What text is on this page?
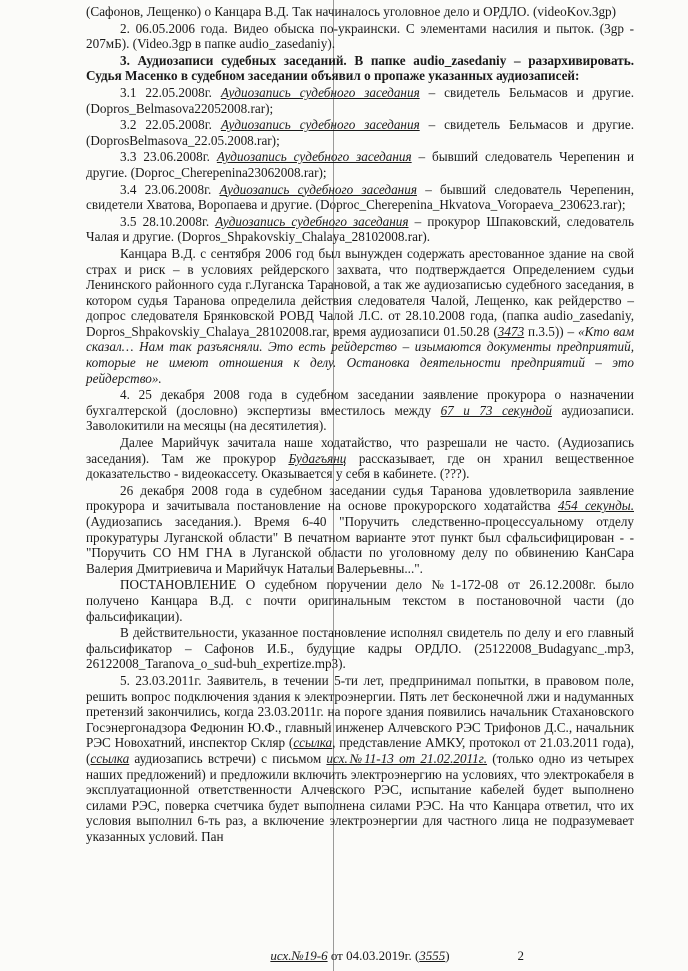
(Сафонов, Лещенко) о Канцара В.Д. Так начиналось уголовное дело и ОРДЛО. (videoKov.3gp)

2. 06.05.2006 года. Видео обыска по-украински. С элементами насилия и пыток. (3gp - 207мБ). (Video.3gp в папке audio_zasedaniy).

3. Аудиозаписи судебных заседаний. В папке audio_zasedaniy – разархивировать. Судья Масенко в судебном заседании объявил о пропаже указанных аудиозаписей:

3.1 22.05.2008г. Аудиозапись судебного заседания – свидетель Бельмасов и другие. (Dopros_Belmasova22052008.rar);

3.2 22.05.2008г. Аудиозапись судебного заседания – свидетель Бельмасов и другие. (DoprosBelmasova_22.05.2008.rar);

3.3 23.06.2008г. Аудиозапись судебного заседания – бывший следователь Черепенин и другие. (Doproc_Cherepenina23062008.rar);

3.4 23.06.2008г. Аудиозапись судебного заседания – бывший следователь Черепенин, свидетели Хватова, Воропаева и другие. (Doproc_Cherepenina_Hkvatova_Voropaeva_230623.rar);

3.5 28.10.2008г. Аудиозапись судебного заседания – прокурор Шпаковский, следователь Чалая и другие. (Dopros_Shpakovskiy_Chalaya_28102008.rar).

Канцара В.Д. с сентября 2006 год был вынужден содержать арестованное здание на свой страх и риск – в условиях рейдерского захвата, что подтверждается Определением судьи Ленинского районного суда г.Луганска Тарановой, а так же аудиозаписью судебного заседания, в котором судья Таранова определила действия следователя Чалой, Лещенко, как рейдерство – допрос следователя Брянковской РОВД Чалой Л.С. от 28.10.2008 года, (папка audio_zasedaniy, Dopros_Shpakovskiy_Chalaya_28102008.rar, время аудиозаписи 01.50.28 (3473 п.3.5)) – «Кто вам сказал… Нам так разъясняли. Это есть рейдерство – изымаются документы предприятий, которые не имеют отношения к делу. Остановка деятельности предприятий – это рейдерство».

4. 25 декабря 2008 года в судебном заседании заявление прокурора о назначении бухгалтерской (дословно) экспертизы вместилось между 67 и 73 секундой аудиозаписи. Заволокитили на месяцы (на десятилетия).

Далее Марийчук зачитала наше ходатайство, что разрешали не часто. (Аудиозапись заседания). Там же прокурор Будагъянц рассказывает, где он хранил вещественное доказательство - видеокассету. Оказывается у себя в кабинете. (???).

26 декабря 2008 года в судебном заседании судья Таранова удовлетворила заявление прокурора и зачитывала постановление на основе прокурорского ходатайства 454 секунды. (Аудиозапись заседания.). Время 6-40 "Поручить следственно-процессуальному отделу прокуратуры Луганской области" В печатном варианте этот пункт был сфальсифицирован - - "Поручить СО НМ ГНА в Луганской области по уголовному делу по обвинению КанСара Валерия Дмитриевича и Марийчук Натальи Валерьевны...".

ПОСТАНОВЛЕНИЕ О судебном поручении дело №1-172-08 от 26.12.2008г. было получено Канцара В.Д. с почти оригинальным текстом в постановочной части (до фальсификации).

В действительности, указанное постановление исполнял свидетель по делу и его главный фальсификатор – Сафонов И.Б., будущие кадры ОРДЛО. (25122008_Budagyanc_.mp3, 26122008_Taranova_o_sud-buh_expertize.mp3).

5. 23.03.2011г. Заявитель, в течении 5-ти лет, предпринимал попытки, в правовом поле, решить вопрос подключения здания к электроэнергии. Пять лет бесконечной лжи и надуманных претензий закончились, когда 23.03.2011г. на пороге здания появились начальник Стахановского Госэнергонадзора Федюнин Ю.Ф., главный инженер Алчевского РЭС Трифонов Д.С., начальник РЭС Новохатний, инспектор Скляр (ссылка, представление АМКУ, протокол от 21.03.2011 года), (ссылка аудиозапись встречи) с письмом исх.№11-13 от 21.02.2011г. (только одно из четырех наших предложений) и предложили включить электроэнергию на условиях, что электрокабеля в эксплуатационной ответственности Алчевского РЭС, испытание кабелей будет выполнено силами РЭС, поверка счетчика будет выполнена силами РЭС. На что Канцара ответил, что их условия выполнил 6-ть раз, а включение электроэнергии для частного лица не подразумевает указанных условий. Пан

исх.№19-6 от 04.03.2019г. (3555)	2
